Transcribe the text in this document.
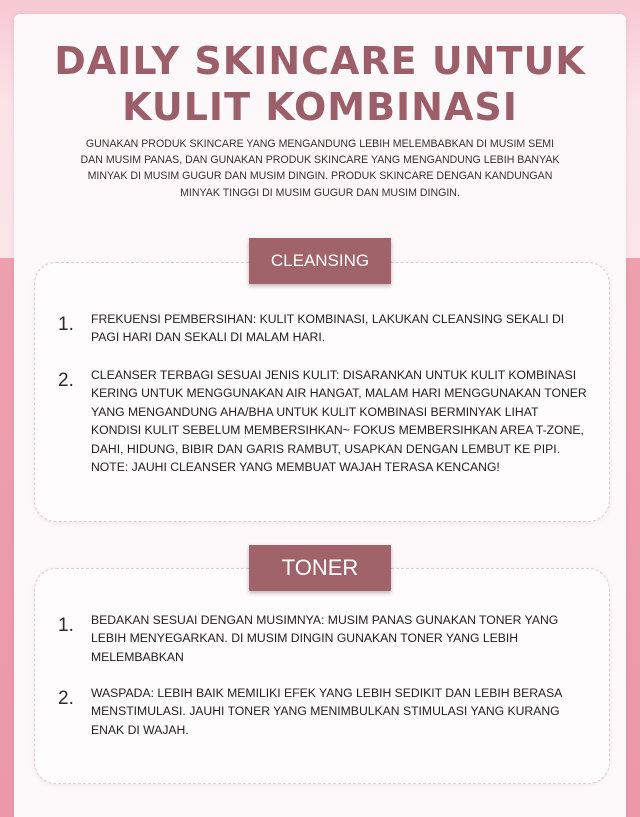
DAILY SKINCARE UNTUK
KULIT KOMBINASI
GUNAKAN PRODUK SKINCARE YANG MENGANDUNG LEBIH MELEMBABKAN DI MUSIM SEMI DAN MUSIM PANAS, DAN GUNAKAN PRODUK SKINCARE YANG MENGANDUNG LEBIH BANYAK MINYAK DI MUSIM GUGUR DAN MUSIM DINGIN. PRODUK SKINCARE DENGAN KANDUNGAN MINYAK TINGGI DI MUSIM GUGUR DAN MUSIM DINGIN.
CLEANSING
1.	FREKUENSI PEMBERSIHAN: KULIT KOMBINASI, LAKUKAN CLEANSING SEKALI DI PAGI HARI DAN SEKALI DI MALAM HARI.
2.	CLEANSER TERBAGI SESUAI JENIS KULIT: DISARANKAN UNTUK KULIT KOMBINASI KERING UNTUK MENGGUNAKAN AIR HANGAT, MALAM HARI MENGGUNAKAN TONER YANG MENGANDUNG AHA/BHA UNTUK KULIT KOMBINASI BERMINYAK LIHAT KONDISI KULIT SEBELUM MEMBERSIHKAN~ FOKUS MEMBERSIHKAN AREA T-ZONE, DAHI, HIDUNG, BIBIR DAN GARIS RAMBUT, USAPKAN DENGAN LEMBUT KE PIPI. NOTE: JAUHI CLEANSER YANG MEMBUAT WAJAH TERASA KENCANG!
TONER
1.	BEDAKAN SESUAI DENGAN MUSIMNYA: MUSIM PANAS GUNAKAN TONER YANG LEBIH MENYEGARKAN. DI MUSIM DINGIN GUNAKAN TONER YANG LEBIH MELEMBABKAN
2.	WASPADA: LEBIH BAIK MEMILIKI EFEK YANG LEBIH SEDIKIT DAN LEBIH BERASA MENSTIMULASI. JAUHI TONER YANG MENIMBULKAN STIMULASI YANG KURANG ENAK DI WAJAH.
